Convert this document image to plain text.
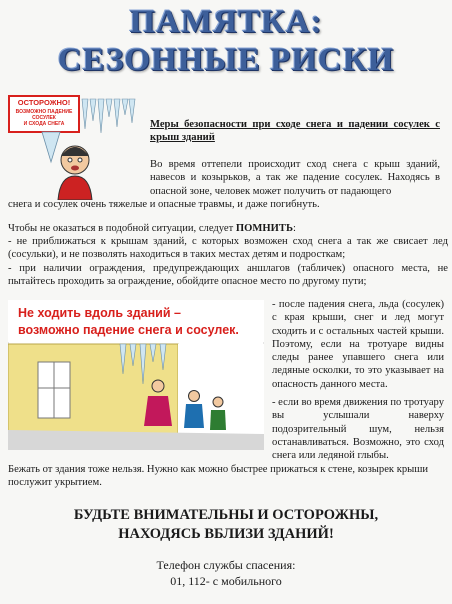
ПАМЯТКА:
СЕЗОННЫЕ РИСКИ
ОСТОРОЖНО!
ВОЗМОЖНО ПАДЕНИЕ
СОСУЛЕК
И СХОДА СНЕГА	Меры безопасности при сходе снега и падении сосулек с крыш зданий

Во время оттепели происходит сход снега с крыш зданий, навесов и козырьков, а так же падение сосулек. Находясь в опасной зоне, человек может получить от падающего

снега и сосулек очень тяжелые и опасные травмы, и даже погибнуть.

Чтобы не оказаться в подобной ситуации, следует ПОМНИТЬ:

- не приближаться к крышам зданий, с которых возможен сход снега а так же свисает лед (сосульки), и не позволять находиться в таких местах детям и подросткам;

- при наличии ограждения, предупреждающих аншлагов (табличек) опасного места, не пытайтесь проходить за ограждение, обойдите опасное место по другому пути;

Не ходить вдоль зданий –
возможно падение снега и сосулек.

- после падения снега, льда (сосулек) с края крыши, снег и лед могут сходить и с остальных частей крыши. Поэтому, если на тротуаре видны следы ранее упавшего снега или ледяные осколки, то это указывает на опасность данного места.

- если во время движения по тротуару вы услышали наверху подозрительный шум, нельзя останавливаться. Возможно, это сход снега или ледяной глыбы.

Бежать от здания тоже нельзя. Нужно как можно быстрее прижаться к стене, козырек крыши послужит укрытием.

БУДЬТЕ ВНИМАТЕЛЬНЫ И ОСТОРОЖНЫ,
НАХОДЯСЬ ВБЛИЗИ ЗДАНИЙ!
Телефон службы спасения:
01, 112- с мобильного
